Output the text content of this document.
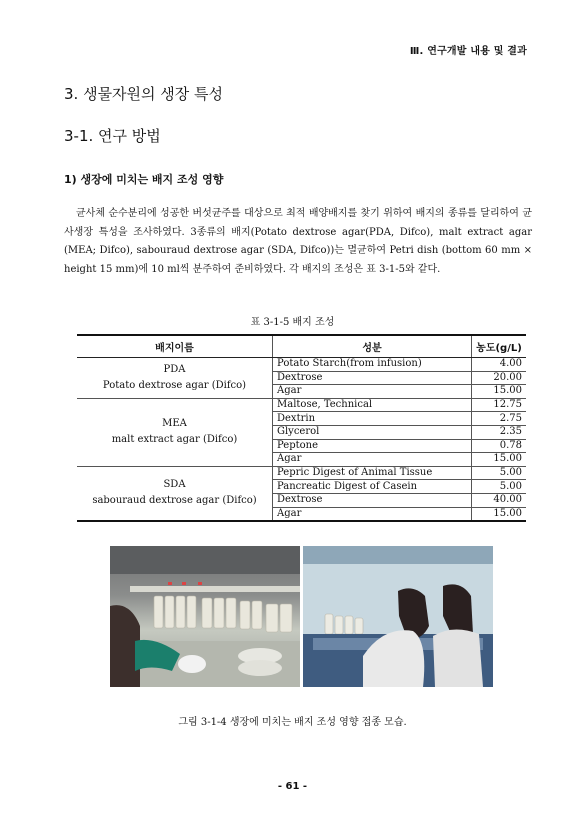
Ⅲ. 연구개발 내용 및 결과
3. 생물자원의 생장 특성
3-1. 연구 방법
1) 생장에 미치는 배지 조성 영향
균사체 순수분리에 성공한 버섯균주를 대상으로 최적 배양배지를 찾기 위하여 배지의 종류를 달리하여 균사생장 특성을 조사하였다. 3종류의 배지(Potato dextrose agar(PDA, Difco), malt extract agar (MEA; Difco), sabouraud dextrose agar (SDA, Difco))는 멸균하여 Petri dish (bottom 60 mm × height 15 mm)에 10 ml씩 분주하여 준비하였다. 각 배지의 조성은 표 3-1-5와 같다.
표 3-1-5 배지 조성
배지이름	성분	농도(g/L)

PDA
Potato dextrose agar (Difco)	Potato Starch(from infusion)	4.00
	Dextrose	20.00
	Agar	15.00

MEA
malt extract agar (Difco)	Maltose, Technical	12.75
	Dextrin	2.75
	Glycerol	2.35
	Peptone	0.78
	Agar	15.00

SDA
sabouraud dextrose agar (Difco)	Pepric Digest of Animal Tissue	5.00
	Pancreatic Digest of Casein	5.00
	Dextrose	40.00
	Agar	15.00
그림 3-1-4 생장에 미치는 배지 조성 영향 접종 모습.
- 61 -
